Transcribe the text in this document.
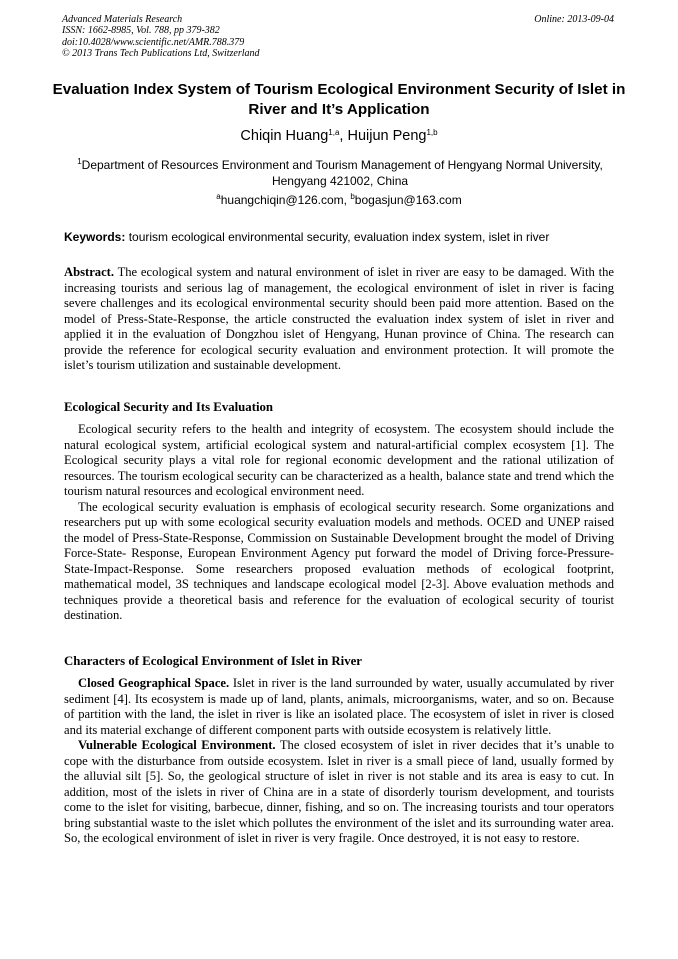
Advanced Materials Research
ISSN: 1662-8985, Vol. 788, pp 379-382
doi:10.4028/www.scientific.net/AMR.788.379
© 2013 Trans Tech Publications Ltd, Switzerland
Online: 2013-09-04
Evaluation Index System of Tourism Ecological Environment Security of Islet in River and It’s Application
Chiqin Huang$^{1,a}$, Huijun Peng$^{1,b}$
$^1$Department of Resources Environment and Tourism Management of Hengyang Normal University, Hengyang 421002, China
$^a$huangchiqin@126.com, $^b$bogasjun@163.com
Keywords: tourism ecological environmental security, evaluation index system, islet in river

Abstract. The ecological system and natural environment of islet in river are easy to be damaged. With the increasing tourists and serious lag of management, the ecological environment of islet in river is facing severe challenges and its ecological environmental security should been paid more attention. Based on the model of Press-State-Response, the article constructed the evaluation index system of islet in river and applied it in the evaluation of Dongzhou islet of Hengyang, Hunan province of China. The research can provide the reference for ecological security evaluation and environment protection. It will promote the islet’s tourism utilization and sustainable development.

Ecological Security and Its Evaluation

Ecological security refers to the health and integrity of ecosystem. The ecosystem should include the natural ecological system, artificial ecological system and natural-artificial complex ecosystem [1]. The Ecological security plays a vital role for regional economic development and the rational utilization of resources. The tourism ecological security can be characterized as a health, balance state and trend which the tourism natural resources and ecological environment need.

The ecological security evaluation is emphasis of ecological security research. Some organizations and researchers put up with some ecological security evaluation models and methods. OCED and UNEP raised the model of Press-State-Response, Commission on Sustainable Development brought the model of Driving Force-State- Response, European Environment Agency put forward the model of Driving force-Pressure-State-Impact-Response. Some researchers proposed evaluation methods of ecological footprint, mathematical model, 3S techniques and landscape ecological model [2-3]. Above evaluation methods and techniques provide a theoretical basis and reference for the evaluation of ecological security of tourist destination.

Characters of Ecological Environment of Islet in River

Closed Geographical Space. Islet in river is the land surrounded by water, usually accumulated by river sediment [4]. Its ecosystem is made up of land, plants, animals, microorganisms, water, and so on. Because of partition with the land, the islet in river is like an isolated place. The ecosystem of islet in river is closed and its material exchange of different component parts with outside ecosystem is relatively little.

Vulnerable Ecological Environment. The closed ecosystem of islet in river decides that it’s unable to cope with the disturbance from outside ecosystem. Islet in river is a small piece of land, usually formed by the alluvial silt [5]. So, the geological structure of islet in river is not stable and its area is easy to cut. In addition, most of the islets in river of China are in a state of disorderly tourism development, and tourists come to the islet for visiting, barbecue, dinner, fishing, and so on. The increasing tourists and tour operators bring substantial waste to the islet which pollutes the environment of the islet and its surrounding water area. So, the ecological environment of islet in river is very fragile. Once destroyed, it is not easy to restore.
